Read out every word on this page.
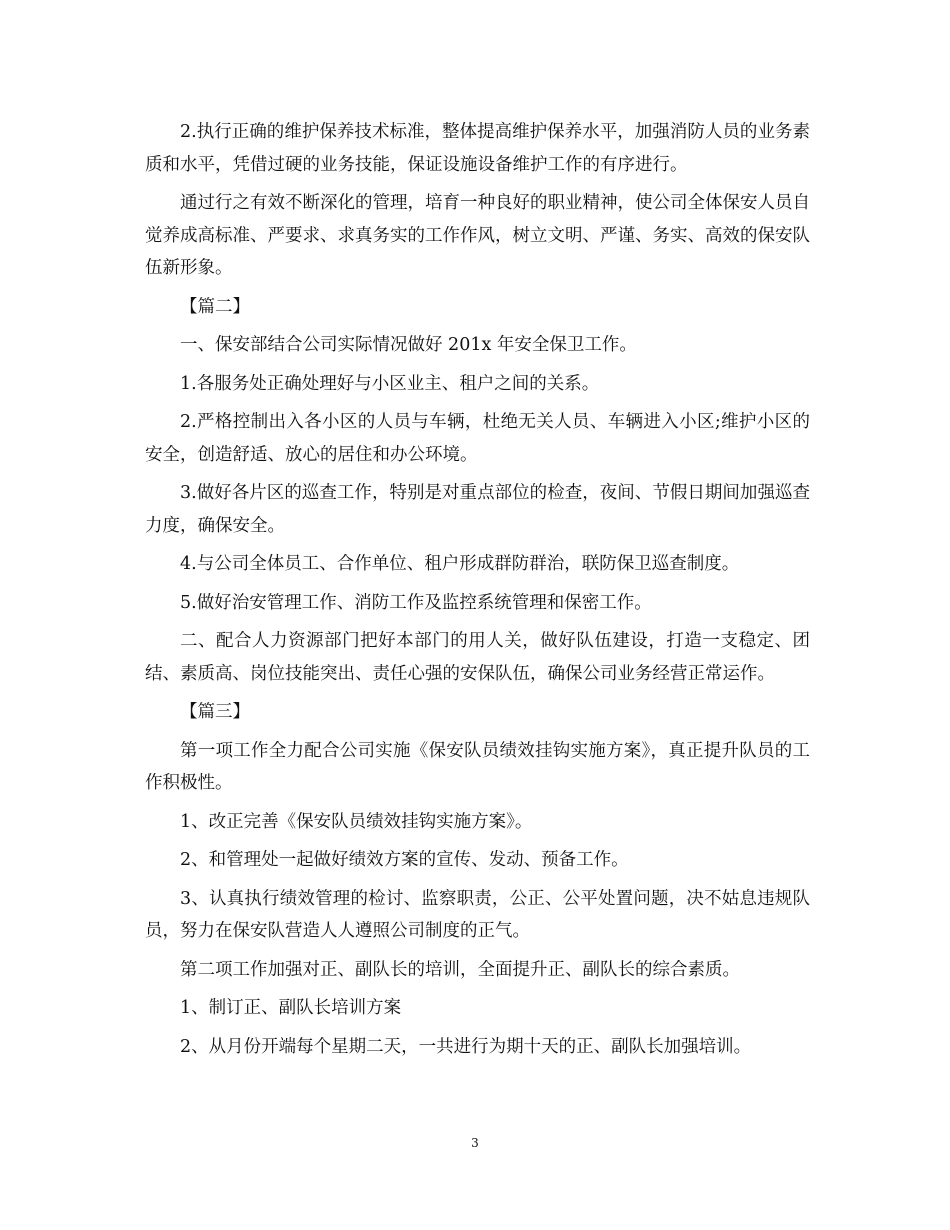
2.执行正确的维护保养技术标准，整体提高维护保养水平，加强消防人员的业务素质和水平，凭借过硬的业务技能，保证设施设备维护工作的有序进行。

通过行之有效不断深化的管理，培育一种良好的职业精神，使公司全体保安人员自觉养成高标准、严要求、求真务实的工作作风，树立文明、严谨、务实、高效的保安队伍新形象。

【篇二】

一、保安部结合公司实际情况做好 201x 年安全保卫工作。

1.各服务处正确处理好与小区业主、租户之间的关系。

2.严格控制出入各小区的人员与车辆，杜绝无关人员、车辆进入小区;维护小区的安全，创造舒适、放心的居住和办公环境。

3.做好各片区的巡查工作，特别是对重点部位的检查，夜间、节假日期间加强巡查力度，确保安全。

4.与公司全体员工、合作单位、租户形成群防群治，联防保卫巡查制度。

5.做好治安管理工作、消防工作及监控系统管理和保密工作。

二、配合人力资源部门把好本部门的用人关，做好队伍建设，打造一支稳定、团结、素质高、岗位技能突出、责任心强的安保队伍，确保公司业务经营正常运作。

【篇三】

第一项工作全力配合公司实施《保安队员绩效挂钩实施方案》，真正提升队员的工作积极性。

1、改正完善《保安队员绩效挂钩实施方案》。

2、和管理处一起做好绩效方案的宣传、发动、预备工作。

3、认真执行绩效管理的检讨、监察职责，公正、公平处置问题，决不姑息违规队员，努力在保安队营造人人遵照公司制度的正气。

第二项工作加强对正、副队长的培训，全面提升正、副队长的综合素质。

1、制订正、副队长培训方案

2、从月份开端每个星期二天，一共进行为期十天的正、副队长加强培训。

3
